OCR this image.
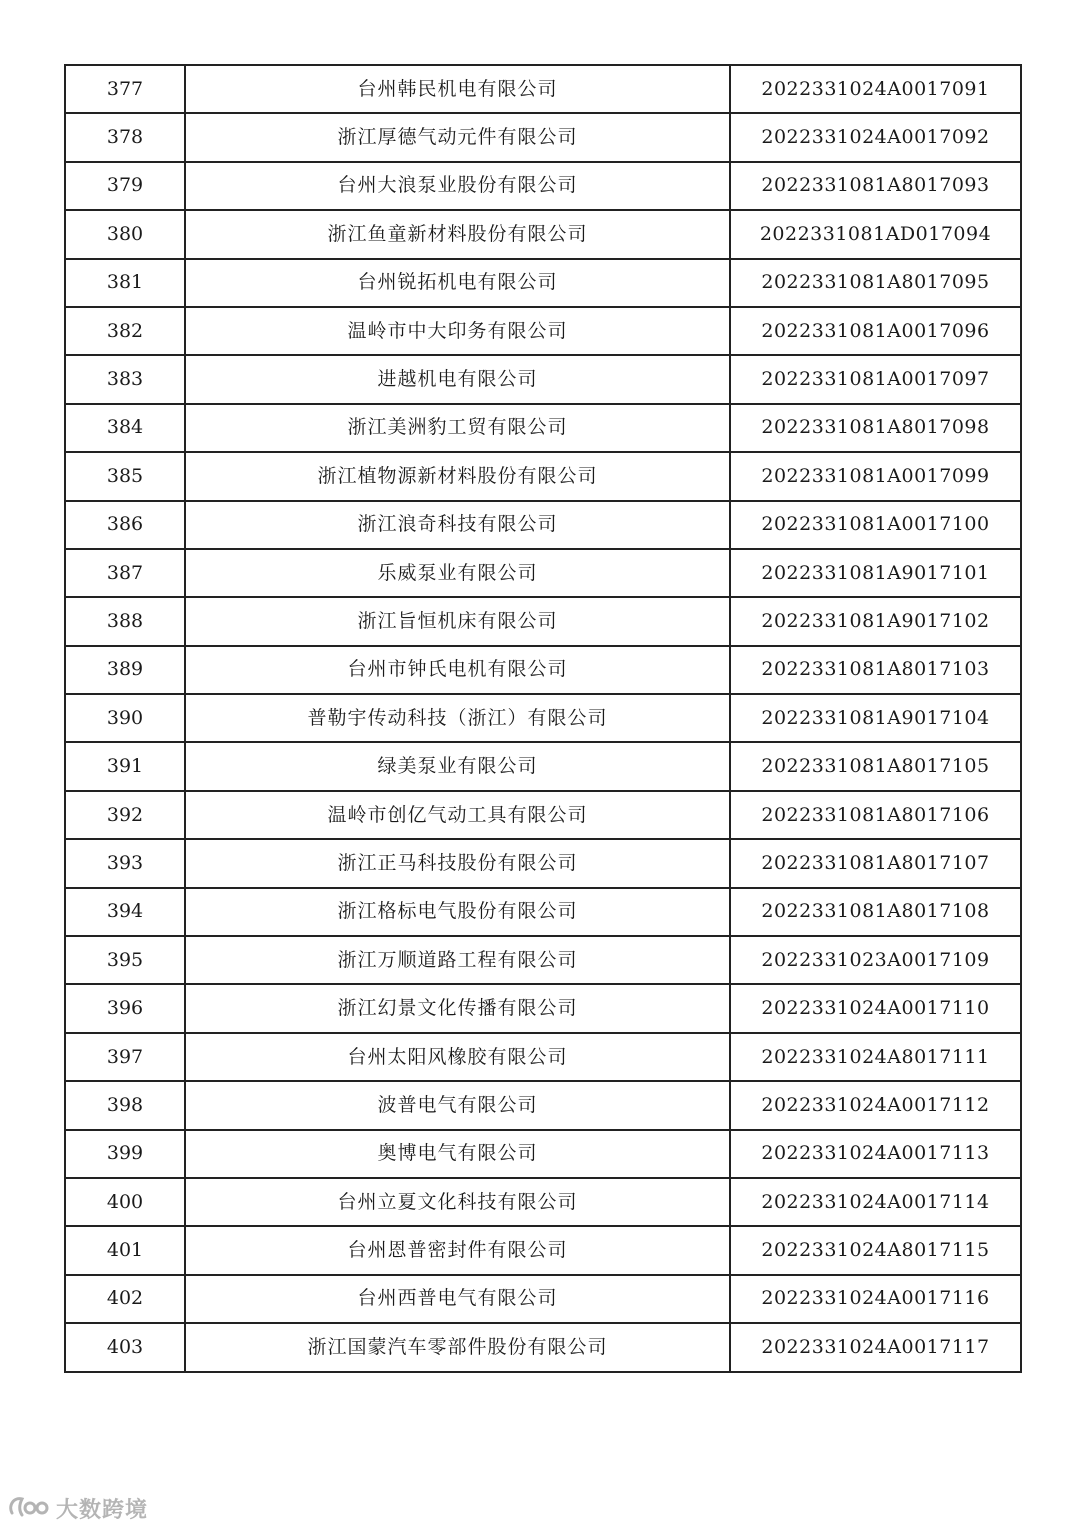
377	台州韩民机电有限公司	2022331024A0017091
378	浙江厚德气动元件有限公司	2022331024A0017092
379	台州大浪泵业股份有限公司	2022331081A8017093
380	浙江鱼童新材料股份有限公司	2022331081AD017094
381	台州锐拓机电有限公司	2022331081A8017095
382	温岭市中大印务有限公司	2022331081A0017096
383	进越机电有限公司	2022331081A0017097
384	浙江美洲豹工贸有限公司	2022331081A8017098
385	浙江植物源新材料股份有限公司	2022331081A0017099
386	浙江浪奇科技有限公司	2022331081A0017100
387	乐威泵业有限公司	2022331081A9017101
388	浙江旨恒机床有限公司	2022331081A9017102
389	台州市钟氏电机有限公司	2022331081A8017103
390	普勒宇传动科技（浙江）有限公司	2022331081A9017104
391	绿美泵业有限公司	2022331081A8017105
392	温岭市创亿气动工具有限公司	2022331081A8017106
393	浙江正马科技股份有限公司	2022331081A8017107
394	浙江格标电气股份有限公司	2022331081A8017108
395	浙江万顺道路工程有限公司	2022331023A0017109
396	浙江幻景文化传播有限公司	2022331024A0017110
397	台州太阳风橡胶有限公司	2022331024A8017111
398	波普电气有限公司	2022331024A0017112
399	奥博电气有限公司	2022331024A0017113
400	台州立夏文化科技有限公司	2022331024A0017114
401	台州恩普密封件有限公司	2022331024A8017115
402	台州西普电气有限公司	2022331024A0017116
403	浙江国蒙汽车零部件股份有限公司	2022331024A0017117
大数跨境
